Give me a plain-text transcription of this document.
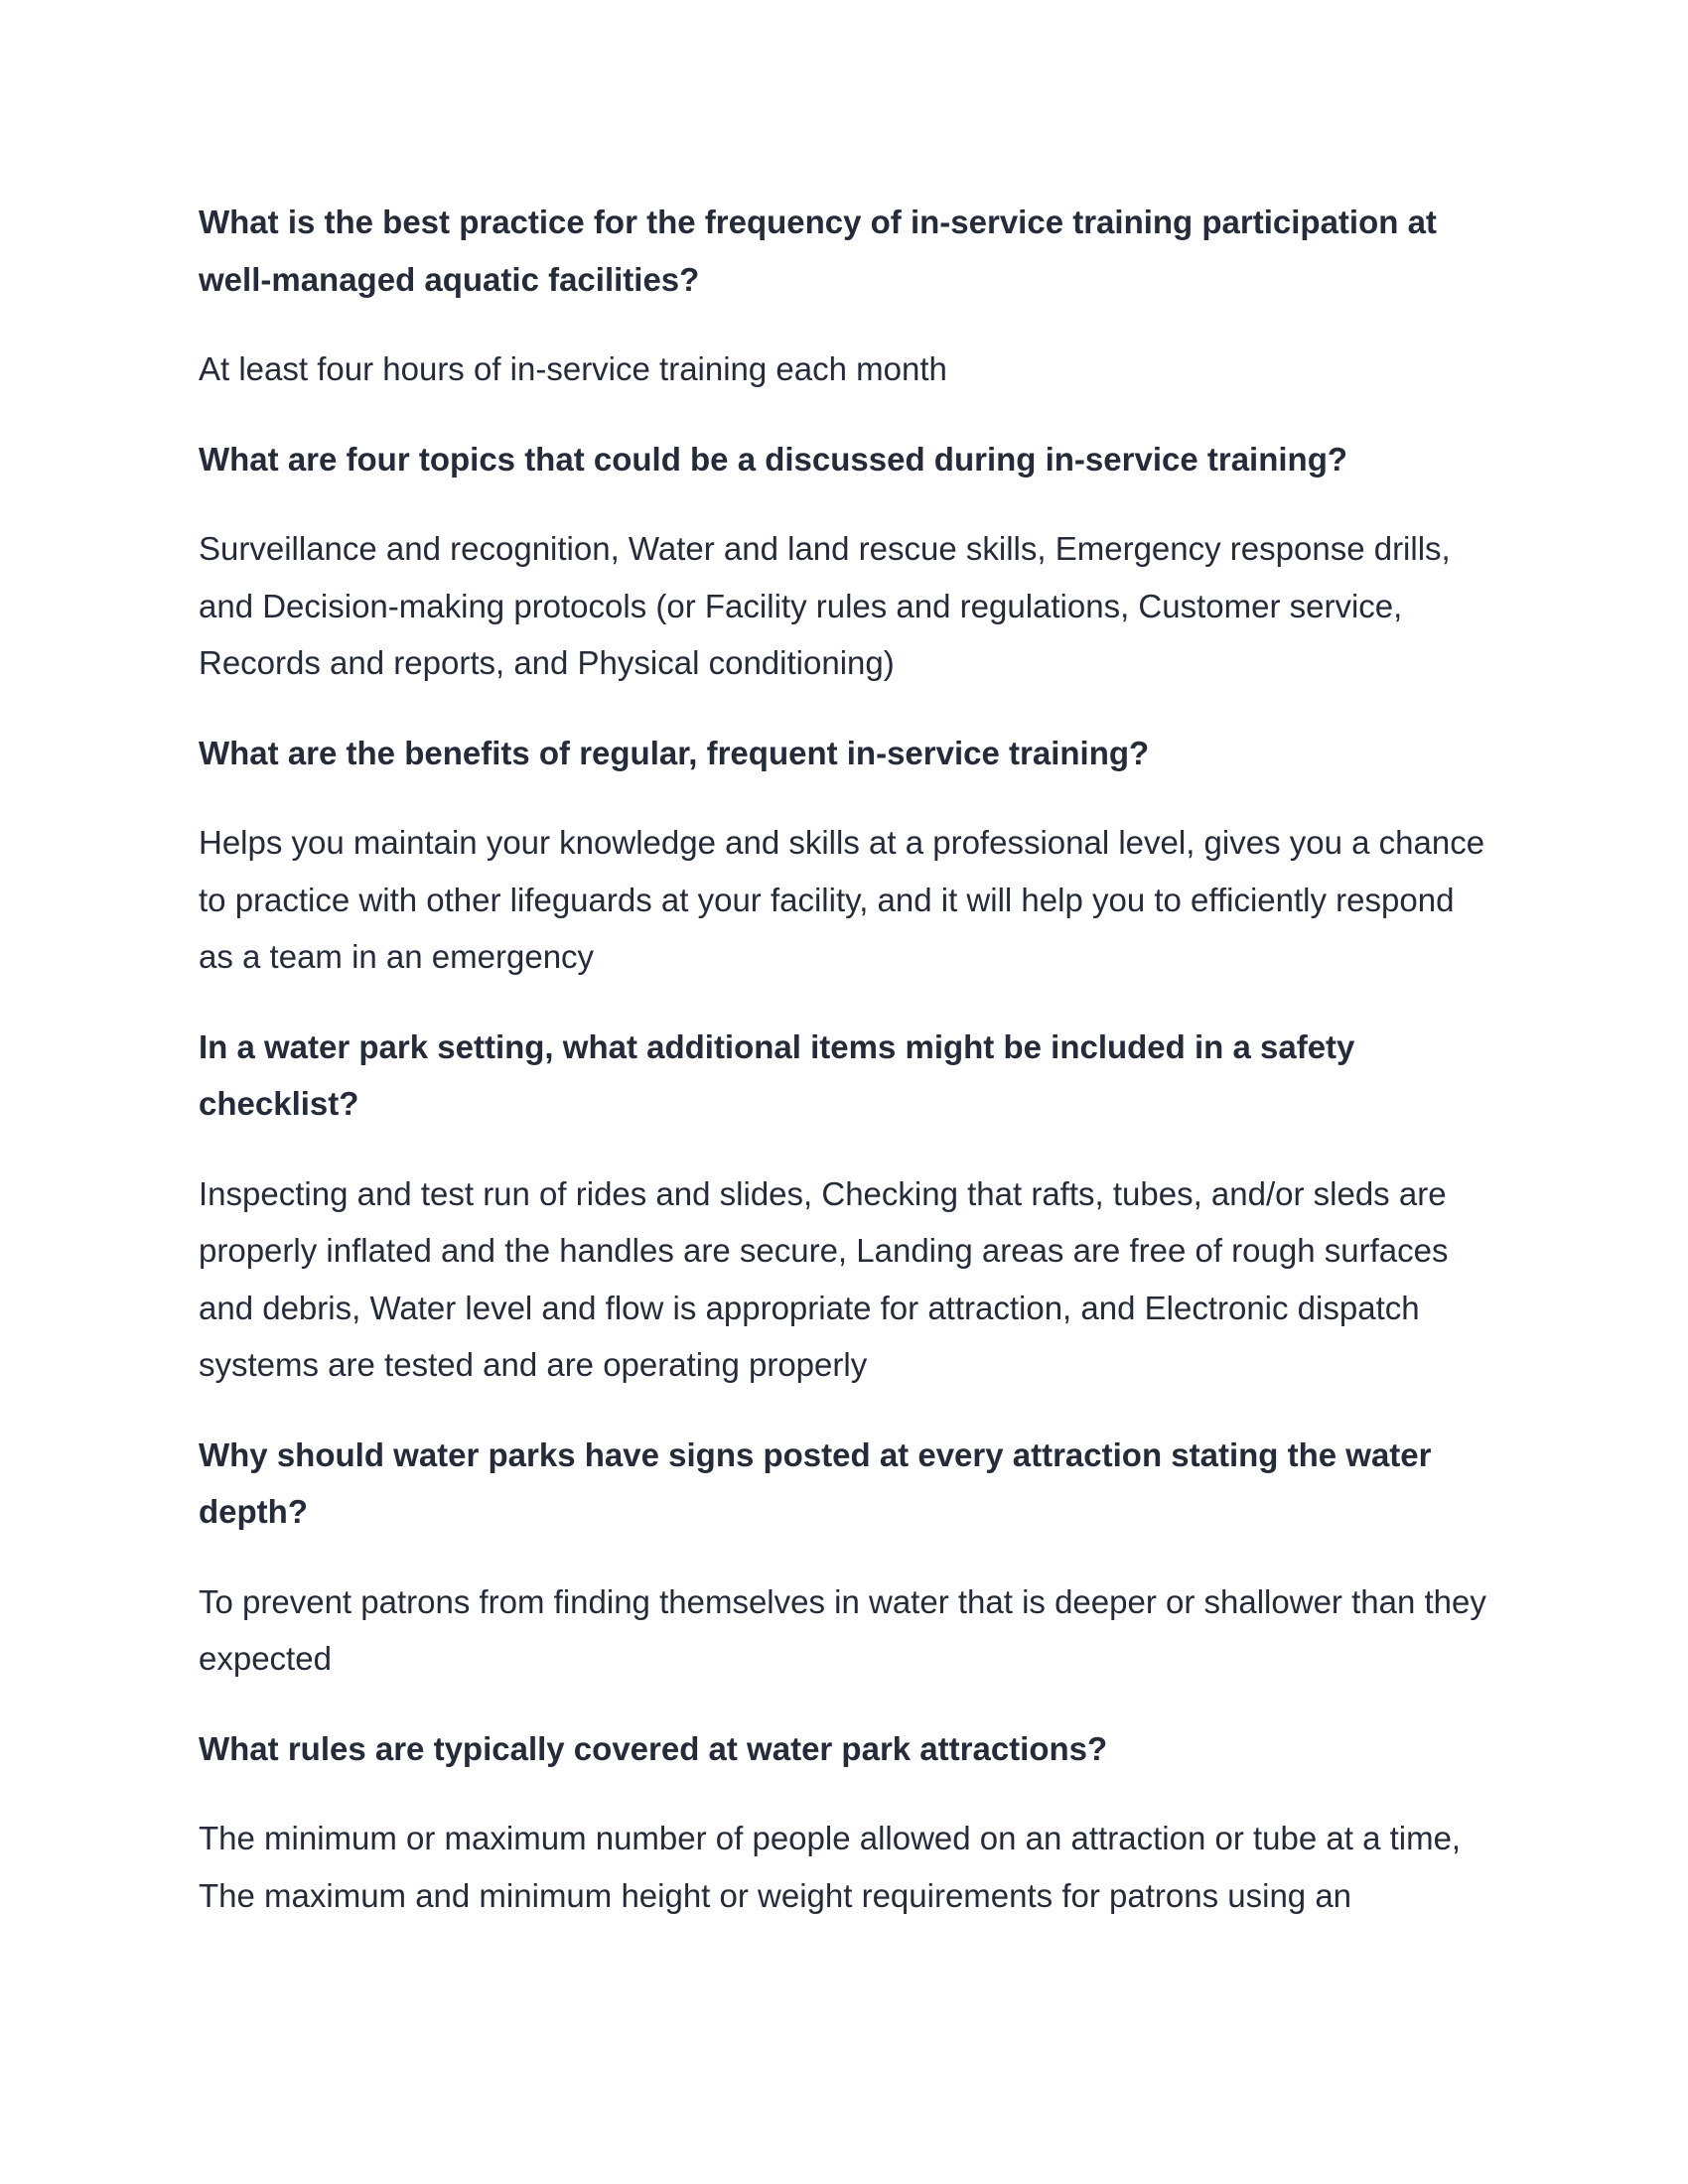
What is the best practice for the frequency of in-service training participation at well-managed aquatic facilities?
At least four hours of in-service training each month
What are four topics that could be a discussed during in-service training?
Surveillance and recognition, Water and land rescue skills, Emergency response drills, and Decision-making protocols (or Facility rules and regulations, Customer service, Records and reports, and Physical conditioning)
What are the benefits of regular, frequent in-service training?
Helps you maintain your knowledge and skills at a professional level, gives you a chance to practice with other lifeguards at your facility, and it will help you to efficiently respond as a team in an emergency
In a water park setting, what additional items might be included in a safety checklist?
Inspecting and test run of rides and slides, Checking that rafts, tubes, and/or sleds are properly inflated and the handles are secure, Landing areas are free of rough surfaces and debris, Water level and flow is appropriate for attraction, and Electronic dispatch systems are tested and are operating properly
Why should water parks have signs posted at every attraction stating the water depth?
To prevent patrons from finding themselves in water that is deeper or shallower than they expected
What rules are typically covered at water park attractions?
The minimum or maximum number of people allowed on an attraction or tube at a time, The maximum and minimum height or weight requirements for patrons using an
